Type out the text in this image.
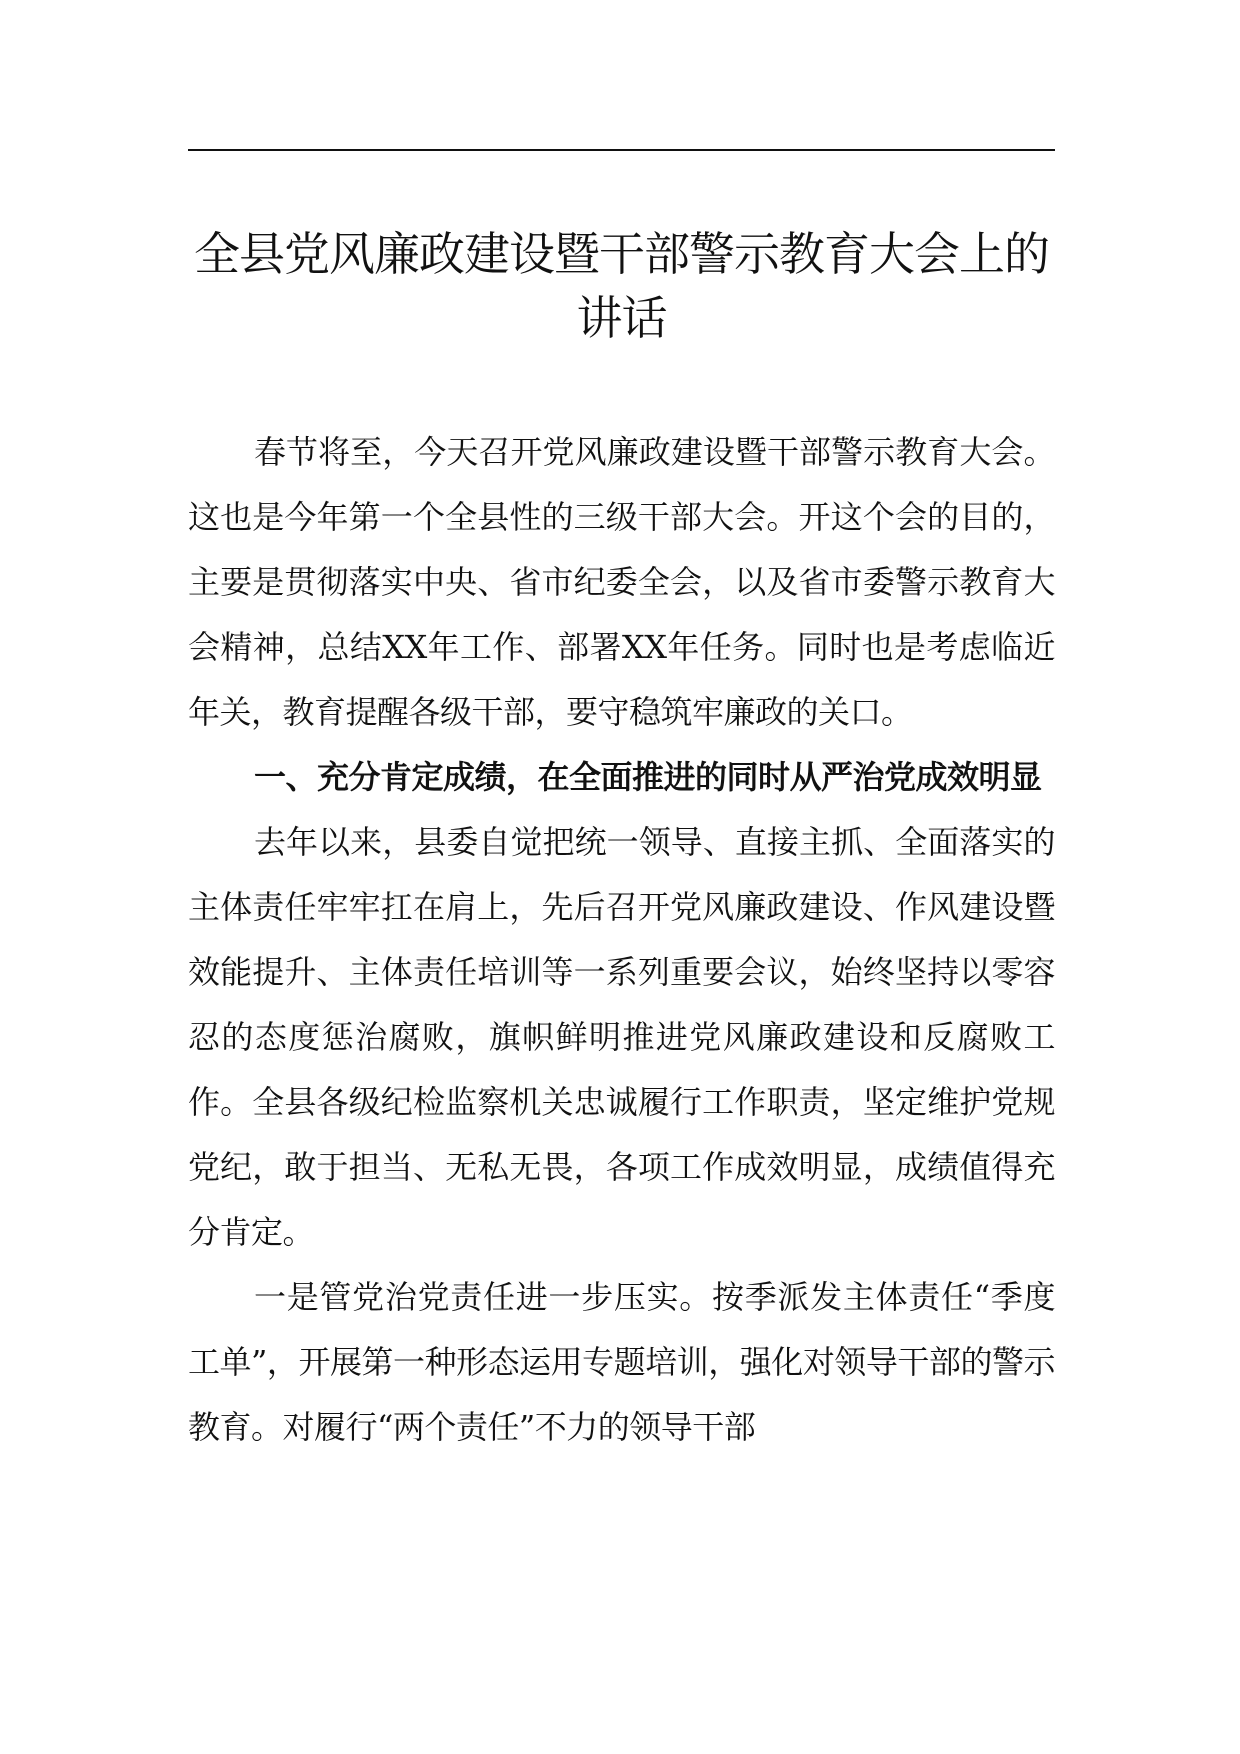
全县党风廉政建设暨干部警示教育大会上的讲话

春节将至，今天召开党风廉政建设暨干部警示教育大会。这也是今年第一个全县性的三级干部大会。开这个会的目的，主要是贯彻落实中央、省市纪委全会，以及省市委警示教育大会精神，总结XX年工作、部署XX年任务。同时也是考虑临近年关，教育提醒各级干部，要守稳筑牢廉政的关口。

一、充分肯定成绩，在全面推进的同时从严治党成效明显

去年以来，县委自觉把统一领导、直接主抓、全面落实的主体责任牢牢扛在肩上，先后召开党风廉政建设、作风建设暨效能提升、主体责任培训等一系列重要会议，始终坚持以零容忍的态度惩治腐败，旗帜鲜明推进党风廉政建设和反腐败工作。全县各级纪检监察机关忠诚履行工作职责，坚定维护党规党纪，敢于担当、无私无畏，各项工作成效明显，成绩值得充分肯定。

一是管党治党责任进一步压实。按季派发主体责任“季度工单”，开展第一种形态运用专题培训，强化对领导干部的警示教育。对履行“两个责任”不力的领导干部
